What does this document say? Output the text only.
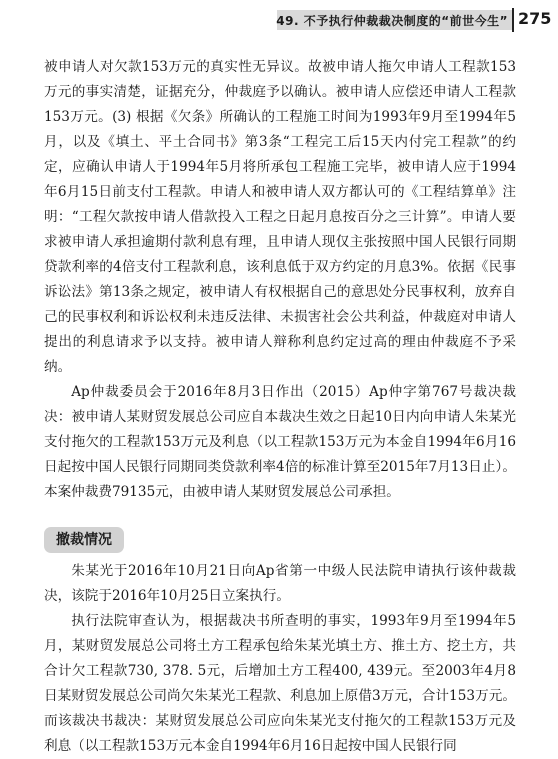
49. 不予执行仲裁裁决制度的“前世今生” 275

被申请人对欠款153万元的真实性无异议。故被申请人拖欠申请人工程款153万元的事实清楚，证据充分，仲裁庭予以确认。被申请人应偿还申请人工程款153万元。(3) 根据《欠条》所确认的工程施工时间为1993年9月至1994年5月，以及《填土、平土合同书》第3条“工程完工后15天内付完工程款”的约定，应确认申请人于1994年5月将所承包工程施工完毕，被申请人应于1994年6月15日前支付工程款。申请人和被申请人双方都认可的《工程结算单》注明：“工程欠款按申请人借款投入工程之日起月息按百分之三计算”。申请人要求被申请人承担逾期付款利息有理，且申请人现仅主张按照中国人民银行同期贷款利率的4倍支付工程款利息，该利息低于双方约定的月息3%。依据《民事诉讼法》第13条之规定，被申请人有权根据自己的意思处分民事权利，放弃自己的民事权利和诉讼权利未违反法律、未损害社会公共利益，仲裁庭对申请人提出的利息请求予以支持。被申请人辩称利息约定过高的理由仲裁庭不予采纳。

Ap仲裁委员会于2016年8月3日作出（2015）Ap仲字第767号裁决裁决：被申请人某财贸发展总公司应自本裁决生效之日起10日内向申请人朱某光支付拖欠的工程款153万元及利息（以工程款153万元为本金自1994年6月16日起按中国人民银行同期同类贷款利率4倍的标准计算至2015年7月13日止）。本案仲裁费79135元，由被申请人某财贸发展总公司承担。

撤裁情况

朱某光于2016年10月21日向Ap省第一中级人民法院申请执行该仲裁裁决，该院于2016年10月25日立案执行。

执行法院审查认为，根据裁决书所查明的事实，1993年9月至1994年5月，某财贸发展总公司将土方工程承包给朱某光填土方、推土方、挖土方，共合计欠工程款730, 378. 5元，后增加土方工程400, 439元。至2003年4月8日某财贸发展总公司尚欠朱某光工程款、利息加上原借3万元，合计153万元。而该裁决书裁决：某财贸发展总公司应向朱某光支付拖欠的工程款153万元及利息（以工程款153万元本金自1994年6月16日起按中国人民银行同
